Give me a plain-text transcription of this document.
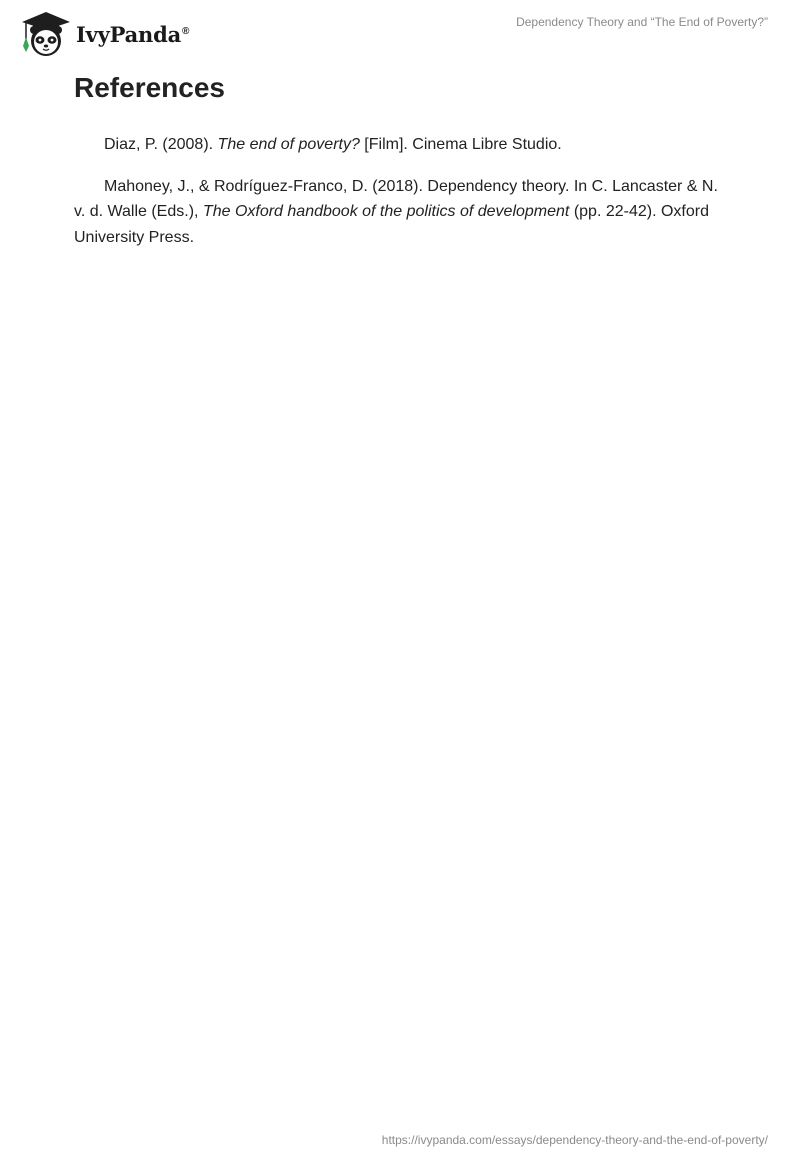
IvyPanda®
Dependency Theory and “The End of Poverty?”
References

Diaz, P. (2008). The end of poverty? [Film]. Cinema Libre Studio.

Mahoney, J., & Rodríguez-Franco, D. (2018). Dependency theory. In C. Lancaster & N. v. d. Walle (Eds.), The Oxford handbook of the politics of development (pp. 22-42). Oxford University Press.

https://ivypanda.com/essays/dependency-theory-and-the-end-of-poverty/
